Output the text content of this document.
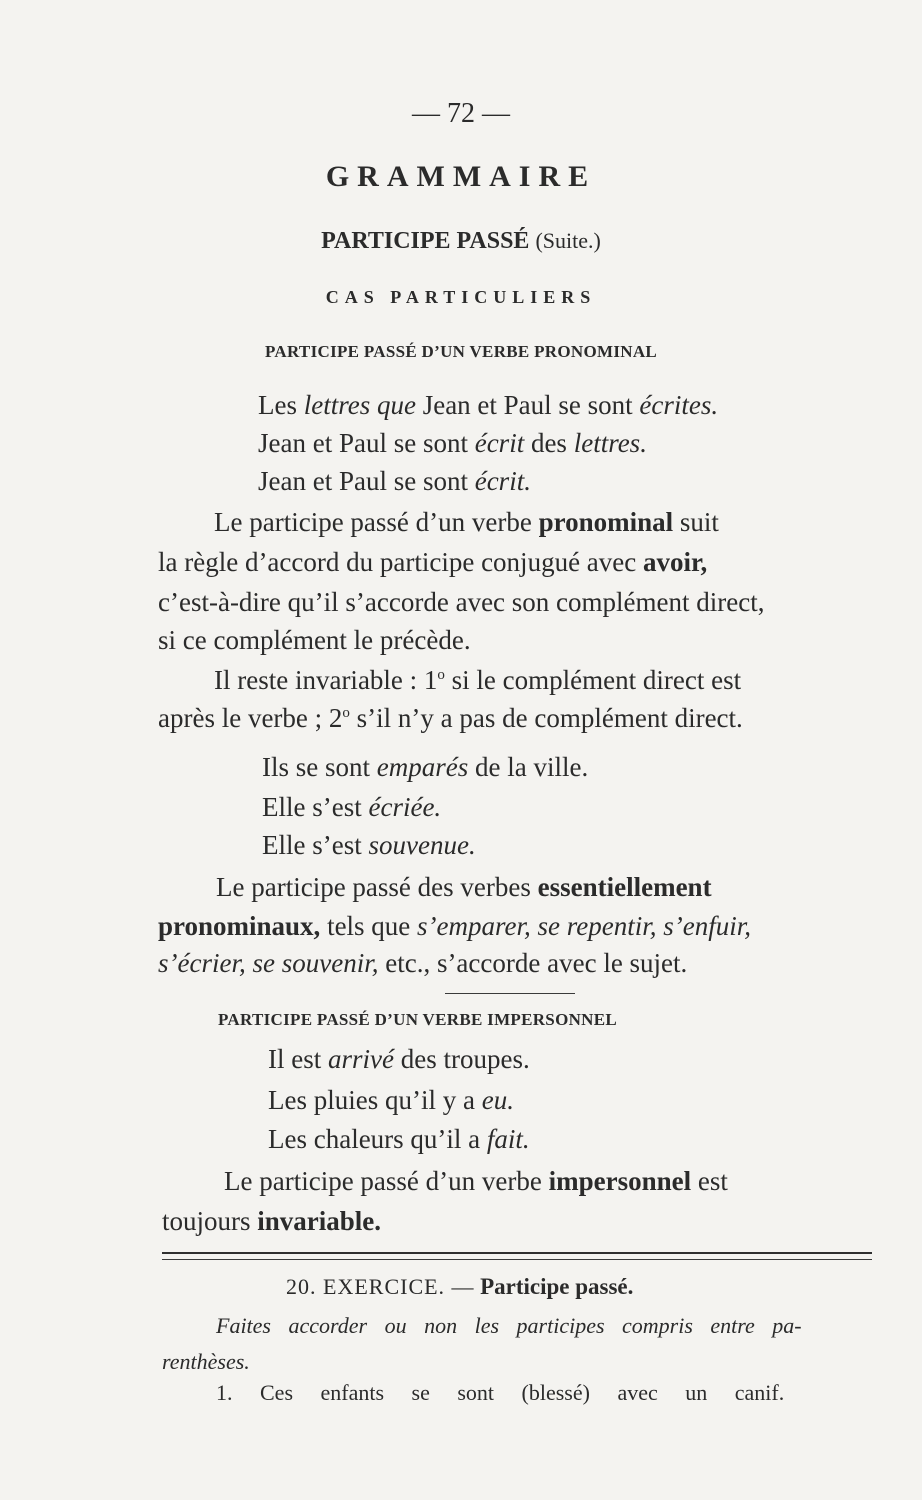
— 72 —
GRAMMAIRE
PARTICIPE PASSÉ (Suite.)
CAS PARTICULIERS
PARTICIPE PASSÉ D’UN VERBE PRONOMINAL
Les lettres que Jean et Paul se sont écrites.
Jean et Paul se sont écrit des lettres.
Jean et Paul se sont écrit.
Le participe passé d’un verbe pronominal suit
la règle d’accord du participe conjugué avec avoir,
c’est-à-dire qu’il s’accorde avec son complément direct,
si ce complément le précède.
Il reste invariable : 1$^o$ si le complément direct est
après le verbe ; 2$^o$ s’il n’y a pas de complément direct.
Ils se sont emparés de la ville.
Elle s’est écriée.
Elle s’est souvenue.
Le participe passé des verbes essentiellement
pronominaux, tels que s’emparer, se repentir, s’enfuir,
s’écrier, se souvenir, etc., s’accorde avec le sujet.
PARTICIPE PASSÉ D’UN VERBE IMPERSONNEL
Il est arrivé des troupes.
Les pluies qu’il y a eu.
Les chaleurs qu’il a fait.
Le participe passé d’un verbe impersonnel est
toujours invariable.
20. EXERCICE. — Participe passé.
Faites accorder ou non les participes compris entre pa-
renthèses.
1. Ces enfants se sont (blessé) avec un canif.
